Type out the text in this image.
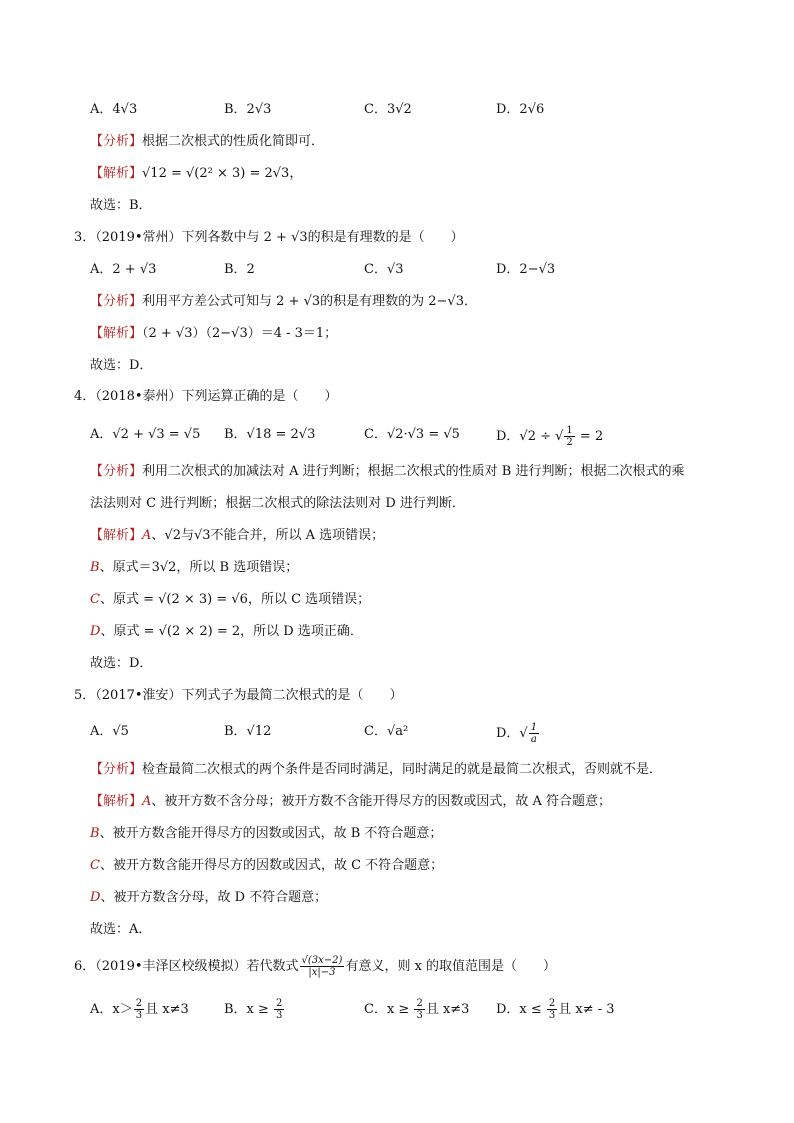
A．4√3	B．2√3	C．3√2	D．2√6
【分析】根据二次根式的性质化简即可．
【解析】√12 = √(2² × 3) = 2√3，
故选：B．
3．（2019•常州）下列各数中与 2 + √3的积是有理数的是（　　）
A．2 + √3	B．2	C．√3	D．2−√3
【分析】利用平方差公式可知与 2 + √3的积是有理数的为 2−√3．
【解析】（2 + √3）（2−√3）＝4 - 3＝1；
故选：D．
4．（2018•泰州）下列运算正确的是（　　）
A．√2 + √3 = √5 B．√18 = 2√3	C．√2·√3 = √5	D．√2 ÷ √ $\frac{1}{2} = 2$
【分析】利用二次根式的加减法对 A 进行判断；根据二次根式的性质对 B 进行判断；根据二次根式的乘
法法则对 C 进行判断；根据二次根式的除法法则对 D 进行判断．
【解析】A、√2与√3不能合并，所以 A 选项错误；
B、原式＝3√2，所以 B 选项错误；
C、原式 = √(2 × 3) = √6，所以 C 选项错误；
D、原式 = √(2 × 2) = 2，所以 D 选项正确．
故选：D．
5．（2017•淮安）下列式子为最简二次根式的是（　　）
A．√5	B．√12	C．√a²	D．√ $\frac{1}{a}$
【分析】检查最简二次根式的两个条件是否同时满足，同时满足的就是最简二次根式，否则就不是．
【解析】A、被开方数不含分母；被开方数不含能开得尽方的因数或因式，故 A 符合题意；
B、被开方数含能开得尽方的因数或因式，故 B 不符合题意；
C、被开方数含能开得尽方的因数或因式，故 C 不符合题意；
D、被开方数含分母，故 D 不符合题意；
故选：A．
6．（2019•丰泽区校级模拟）若代数式 $\frac{√(3x-2)}{|x|-3}$ 有意义，则 x 的取值范围是（　　）
A．$x> \frac{2}{3}$ 且 x≠3	B．$x \ge \frac{2}{3}$	C．$x \ge \frac{2}{3}$ 且 x≠3 D．$x \le \frac{2}{3}$ 且 x≠ - 3
